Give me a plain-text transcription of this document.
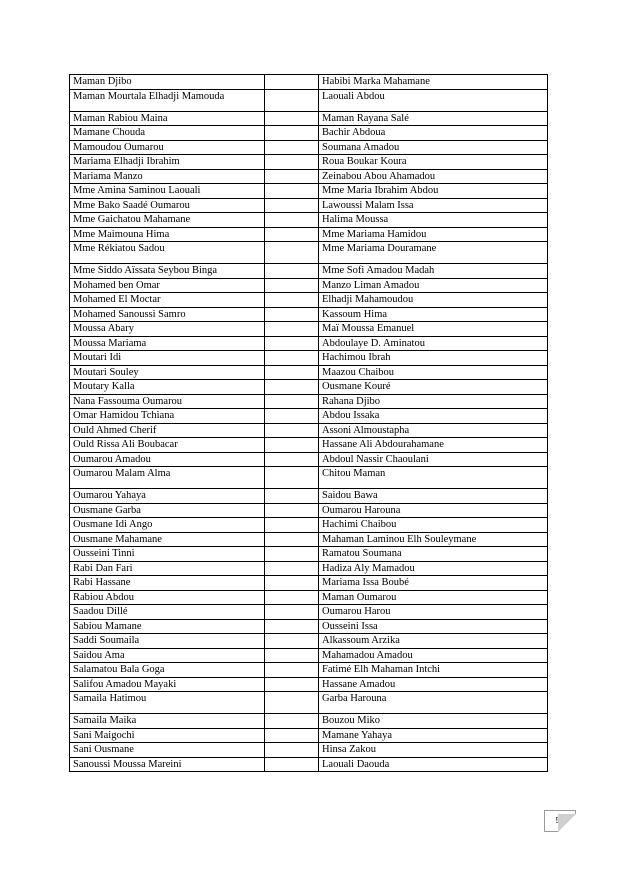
Maman Djibo		Habibi Marka Mahamane
Maman Mourtala Elhadji Mamouda		Laouali Abdou
Maman Rabiou Maina		Maman Rayana Salé
Mamane Chouda		Bachir Abdoua
Mamoudou Oumarou		Soumana Amadou
Mariama Elhadji Ibrahim		Roua Boukar Koura
Mariama Manzo		Zeinabou Abou Ahamadou
Mme Amina Saminou Laouali		Mme Maria Ibrahim Abdou
Mme Bako Saadé Oumarou		Lawoussi Malam Issa
Mme Gaichatou Mahamane		Halima Moussa
Mme Maimouna Hima		Mme Mariama Hamidou
Mme Rékiatou Sadou		Mme Mariama Douramane
Mme Siddo Aïssata Seybou Binga		Mme Sofi Amadou Madah
Mohamed ben Omar		Manzo Liman Amadou
Mohamed El Moctar		Elhadji Mahamoudou
Mohamed Sanoussi Samro		Kassoum Hima
Moussa Abary		Maï Moussa Emanuel
Moussa Mariama		Abdoulaye D. Aminatou
Moutari Idi		Hachimou Ibrah
Moutari Souley		Maazou Chaibou
Moutary Kalla		Ousmane Kouré
Nana Fassouma Oumarou		Rahana Djibo
Omar Hamidou Tchiana		Abdou Issaka
Ould Ahmed Cherif		Assoni Almoustapha
Ould Rissa Ali Boubacar		Hassane Ali Abdourahamane
Oumarou Amadou		Abdoul Nassir Chaoulani
Oumarou Malam Alma		Chitou Maman
Oumarou Yahaya		Saidou Bawa
Ousmane Garba		Oumarou Harouna
Ousmane Idi Ango		Hachimi Chaibou
Ousmane Mahamane		Mahaman Laminou Elh Souleymane
Ousseini Tinni		Ramatou Soumana
Rabi Dan Fari		Hadiza Aly Mamadou
Rabi Hassane		Mariama Issa Boubé
Rabiou Abdou		Maman Oumarou
Saadou Dillé		Oumarou Harou
Sabiou Mamane		Ousseini Issa
Saddi Soumaila		Alkassoum Arzika
Saidou Ama		Mahamadou Amadou
Salamatou Bala Goga		Fatimé Elh Mahaman Intchi
Salifou Amadou Mayaki		Hassane Amadou
Samaila Hatimou		Garba Harouna
Samaila Maika		Bouzou Miko
Sani Maigochi		Mamane Yahaya
Sani Ousmane		Hinsa Zakou
Sanoussi Moussa Mareini		Laouali Daouda
52
